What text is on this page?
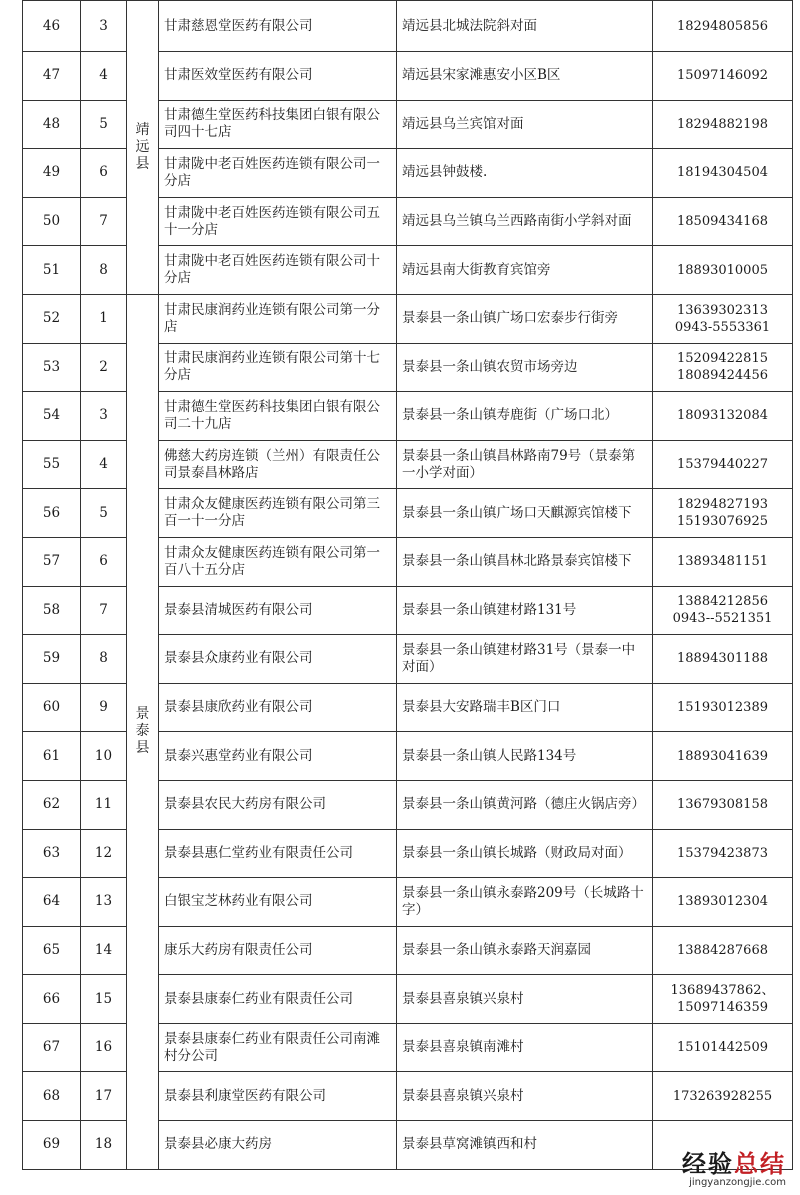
46	3	靖远县	甘肃慈恩堂医药有限公司	靖远县北城法院斜对面	18294805856

47	4		甘肃医效堂医药有限公司	靖远县宋家滩惠安小区B区	15097146092

48	5		甘肃德生堂医药科技集团白银有限公司四十七店	靖远县乌兰宾馆对面	18294882198

49	6		甘肃陇中老百姓医药连锁有限公司一分店	靖远县钟鼓楼.	18194304504

50	7		甘肃陇中老百姓医药连锁有限公司五十一分店	靖远县乌兰镇乌兰西路南街小学斜对面	18509434168

51	8		甘肃陇中老百姓医药连锁有限公司十分店	靖远县南大街教育宾馆旁	18893010005

52	1	景泰县	甘肃民康润药业连锁有限公司第一分店	景泰县一条山镇广场口宏泰步行街旁	13639302313
0943-5553361

53	2		甘肃民康润药业连锁有限公司第十七分店	景泰县一条山镇农贸市场旁边	15209422815
18089424456

54	3		甘肃德生堂医药科技集团白银有限公司二十九店	景泰县一条山镇寿鹿街（广场口北）	18093132084

55	4		佛慈大药房连锁（兰州）有限责任公司景泰昌林路店	景泰县一条山镇昌林路南79号（景泰第一小学对面）	15379440227

56	5		甘肃众友健康医药连锁有限公司第三百一十一分店	景泰县一条山镇广场口天麒源宾馆楼下	18294827193
15193076925

57	6		甘肃众友健康医药连锁有限公司第一百八十五分店	景泰县一条山镇昌林北路景泰宾馆楼下	13893481151

58	7		景泰县清城医药有限公司	景泰县一条山镇建材路131号	13884212856
0943--5521351

59	8		景泰县众康药业有限公司	景泰县一条山镇建材路31号（景泰一中对面）	18894301188

60	9		景泰县康欣药业有限公司	景泰县大安路瑞丰B区门口	15193012389

61	10		景泰兴惠堂药业有限公司	景泰县一条山镇人民路134号	18893041639

62	11		景泰县农民大药房有限公司	景泰县一条山镇黄河路（德庄火锅店旁）	13679308158

63	12		景泰县惠仁堂药业有限责任公司	景泰县一条山镇长城路（财政局对面）	15379423873

64	13		白银宝芝林药业有限公司	景泰县一条山镇永泰路209号（长城路十字）	13893012304

65	14		康乐大药房有限责任公司	景泰县一条山镇永泰路天润嘉园	13884287668

66	15		景泰县康泰仁药业有限责任公司	景泰县喜泉镇兴泉村	13689437862、
15097146359

67	16		景泰县康泰仁药业有限责任公司南滩村分公司	景泰县喜泉镇南滩村	15101442509

68	17		景泰县利康堂医药有限公司	景泰县喜泉镇兴泉村	173263928255

69	18		景泰县必康大药房	景泰县草窝滩镇西和村	
经验总结
jingyanzongjie.com
